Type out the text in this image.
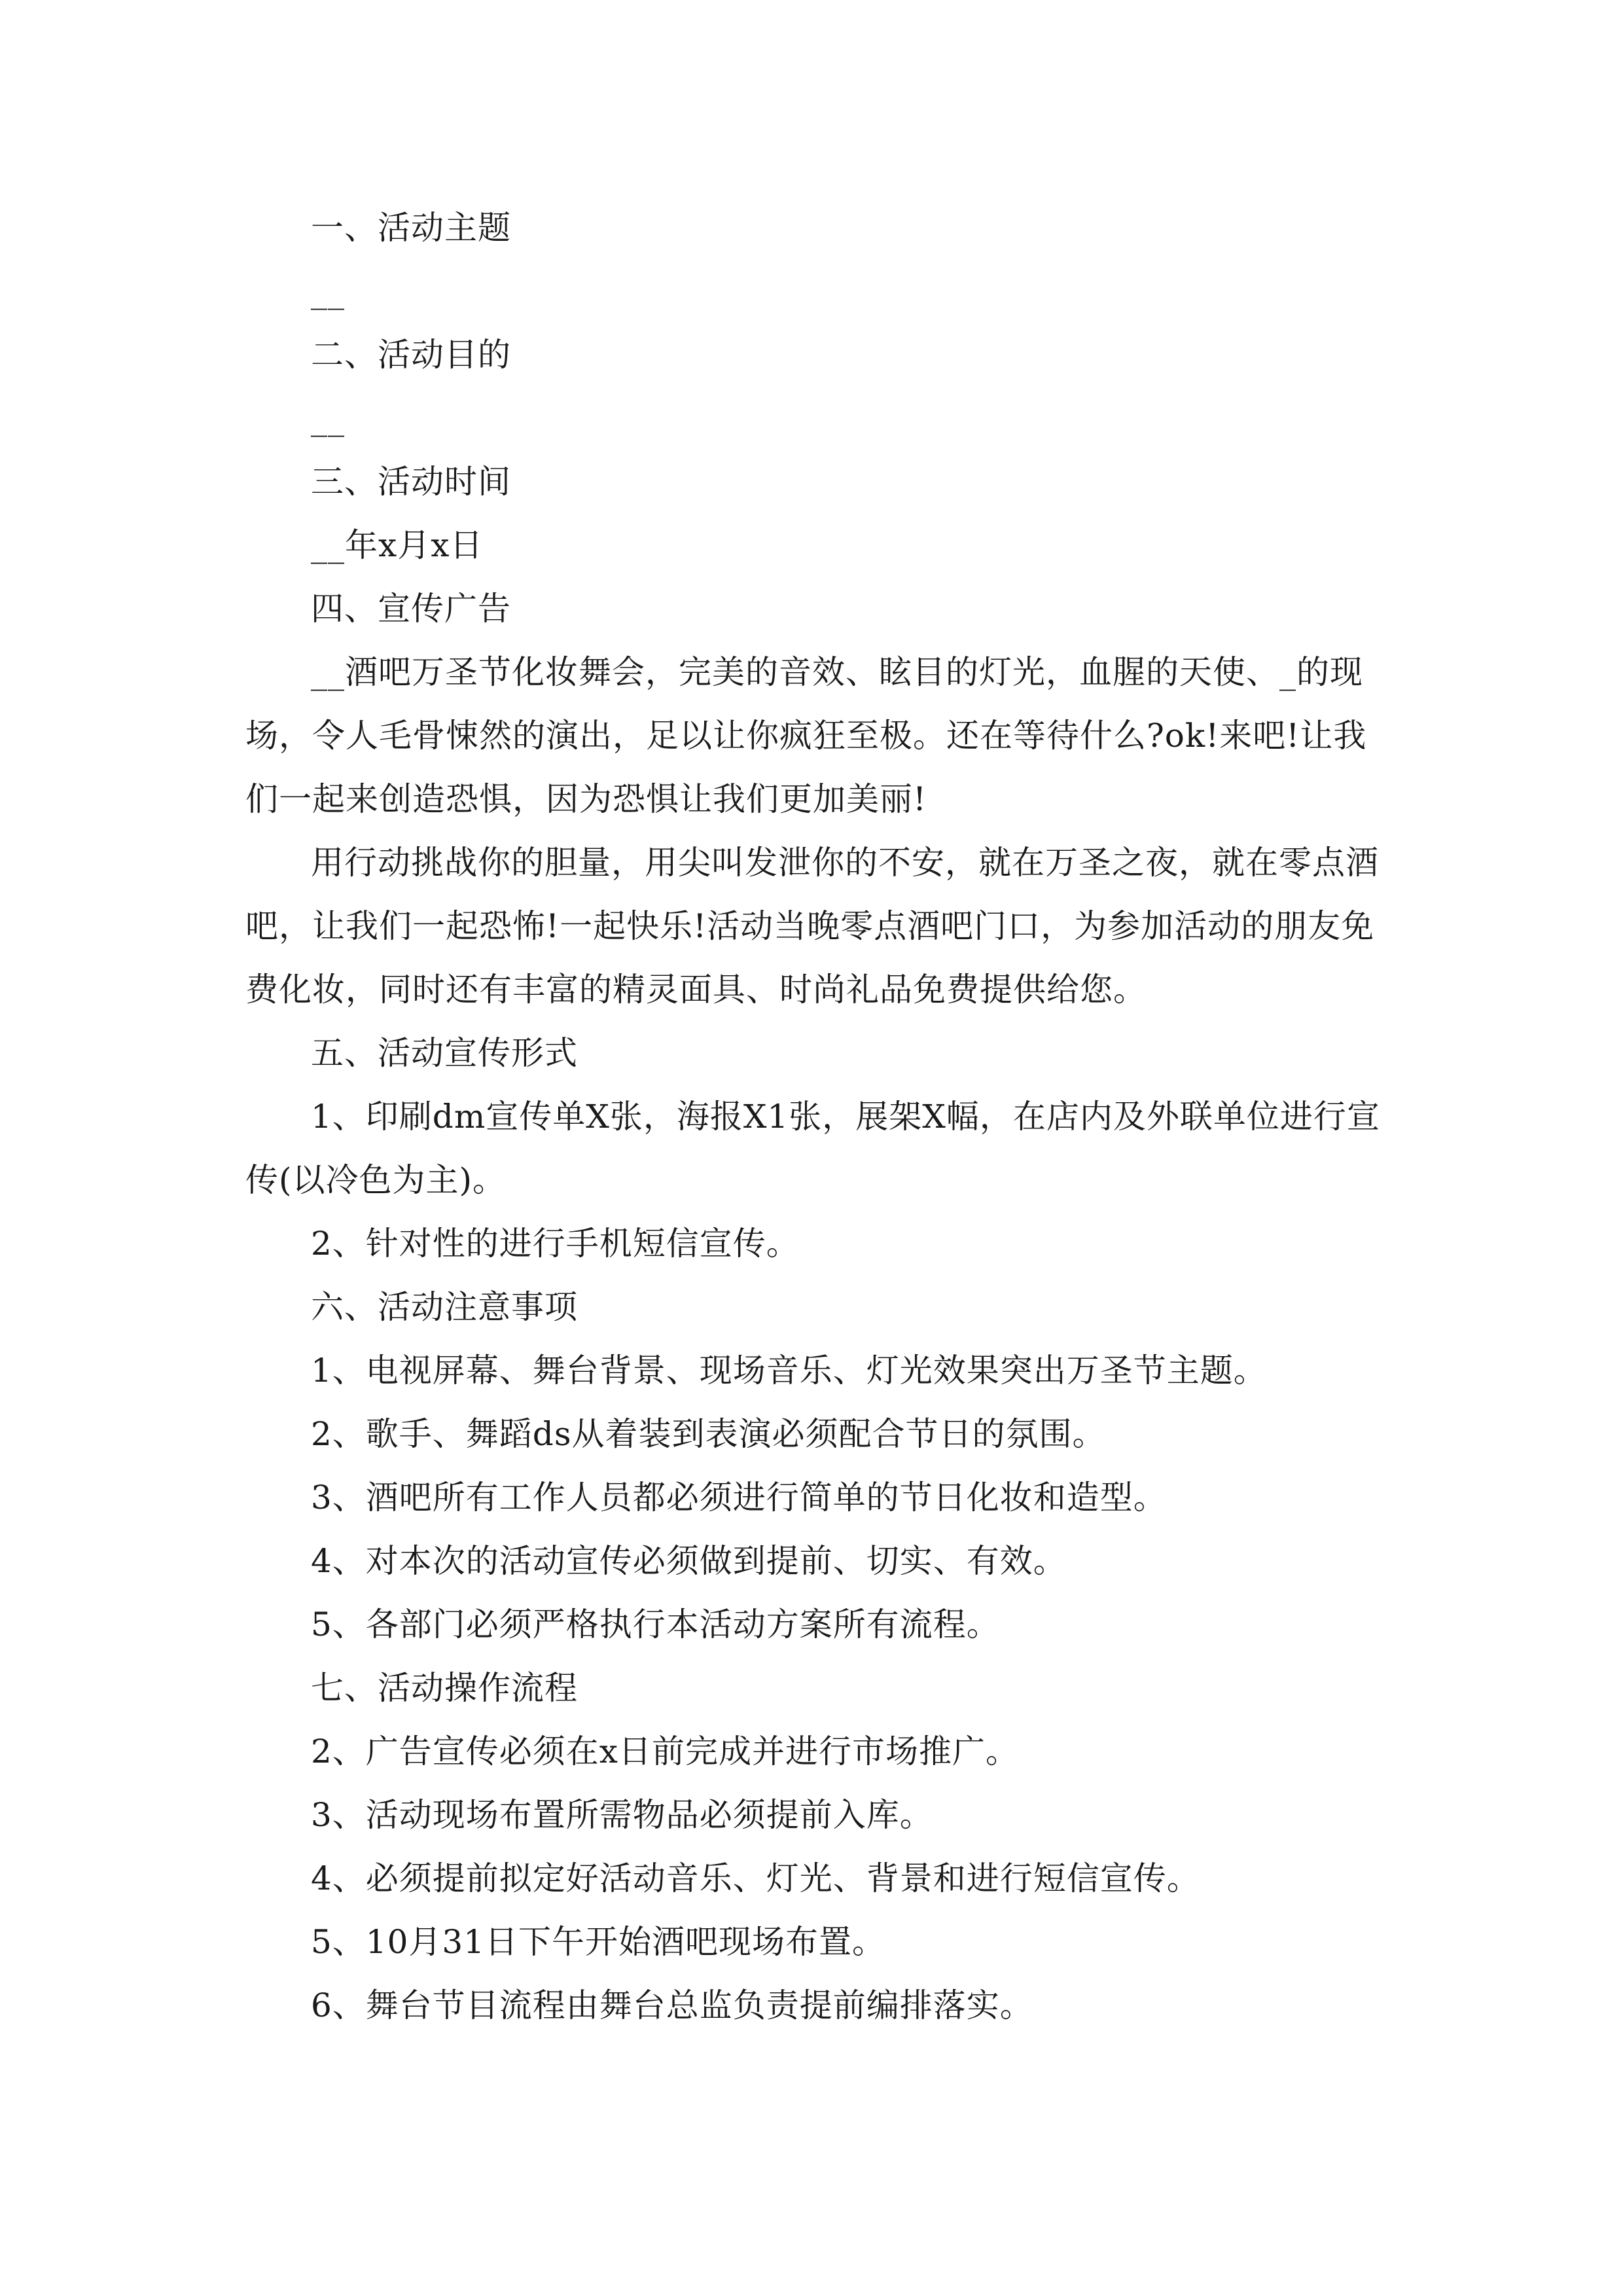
一、活动主题

__

二、活动目的

__

三、活动时间

__年x月x日

四、宣传广告

__酒吧万圣节化妆舞会，完美的音效、眩目的灯光，血腥的天使、_的现场，令人毛骨悚然的演出，足以让你疯狂至极。还在等待什么?ok!来吧!让我们一起来创造恐惧，因为恐惧让我们更加美丽!

用行动挑战你的胆量，用尖叫发泄你的不安，就在万圣之夜，就在零点酒吧，让我们一起恐怖!一起快乐!活动当晚零点酒吧门口，为参加活动的朋友免费化妆，同时还有丰富的精灵面具、时尚礼品免费提供给您。

五、活动宣传形式

1、印刷dm宣传单X张，海报X1张，展架X幅，在店内及外联单位进行宣传(以冷色为主)。

2、针对性的进行手机短信宣传。

六、活动注意事项

1、电视屏幕、舞台背景、现场音乐、灯光效果突出万圣节主题。

2、歌手、舞蹈ds从着装到表演必须配合节日的氛围。

3、酒吧所有工作人员都必须进行简单的节日化妆和造型。

4、对本次的活动宣传必须做到提前、切实、有效。

5、各部门必须严格执行本活动方案所有流程。

七、活动操作流程

2、广告宣传必须在x日前完成并进行市场推广。

3、活动现场布置所需物品必须提前入库。

4、必须提前拟定好活动音乐、灯光、背景和进行短信宣传。

5、10月31日下午开始酒吧现场布置。

6、舞台节目流程由舞台总监负责提前编排落实。
